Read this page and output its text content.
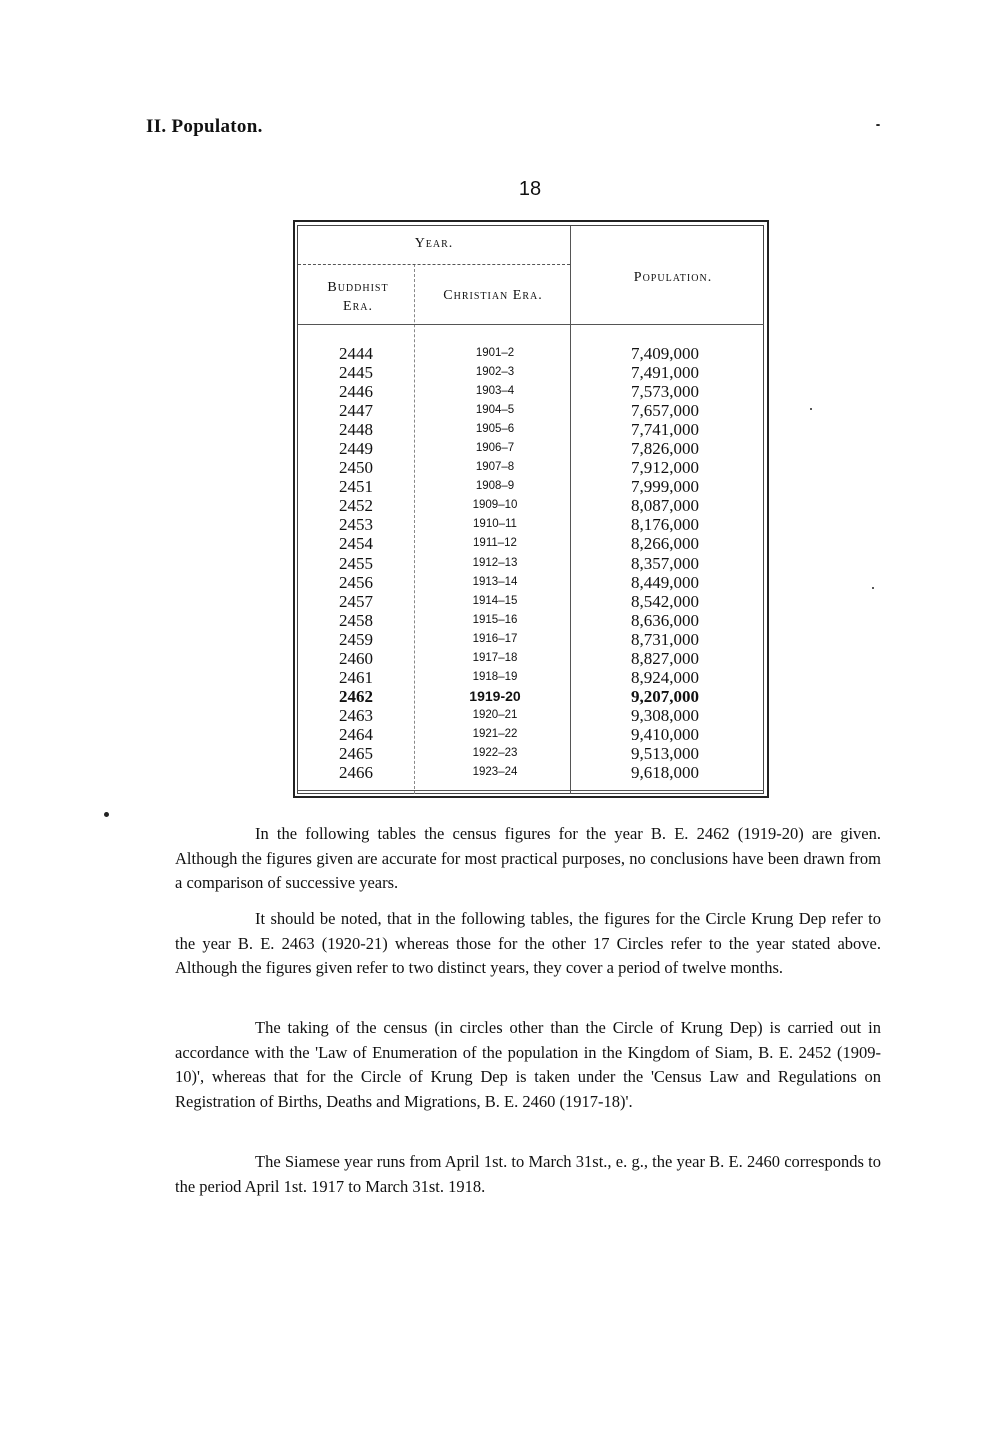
II. Populaton.
18
Year.
Buddhist
Era.
Christian Era.
Population.
2444
2445
2446
2447
2448
2449
2450
2451
2452
2453
2454
2455
2456
2457
2458
2459
2460
2461
2462
2463
2464
2465
2466
1901–2
1902–3
1903–4
1904–5
1905–6
1906–7
1907–8
1908–9
1909–10
1910–11
1911–12
1912–13
1913–14
1914–15
1915–16
1916–17
1917–18
1918–19
1919-20
1920–21
1921–22
1922–23
1923–24
7,409,000
7,491,000
7,573,000
7,657,000
7,741,000
7,826,000
7,912,000
7,999,000
8,087,000
8,176,000
8,266,000
8,357,000
8,449,000
8,542,000
8,636,000
8,731,000
8,827,000
8,924,000
9,207,000
9,308,000
9,410,000
9,513,000
9,618,000

In the following tables the census figures for the year B. E. 2462 (1919-20) are given. Although the figures given are accurate for most practical purposes, no conclusions have been drawn from a comparison of successive years.

It should be noted, that in the following tables, the figures for the Circle Krung Dep refer to the year B. E. 2463 (1920-21) whereas those for the other 17 Circles refer to the year stated above. Although the figures given refer to two distinct years, they cover a period of twelve months.

The taking of the census (in circles other than the Circle of Krung Dep) is carried out in accordance with the 'Law of Enumeration of the population in the Kingdom of Siam, B. E. 2452 (1909-10)', whereas that for the Circle of Krung Dep is taken under the 'Census Law and Regulations on Registration of Births, Deaths and Migrations, B. E. 2460 (1917-18)'.

The Siamese year runs from April 1st. to March 31st., e. g., the year B. E. 2460 corresponds to the period April 1st. 1917 to March 31st. 1918.
